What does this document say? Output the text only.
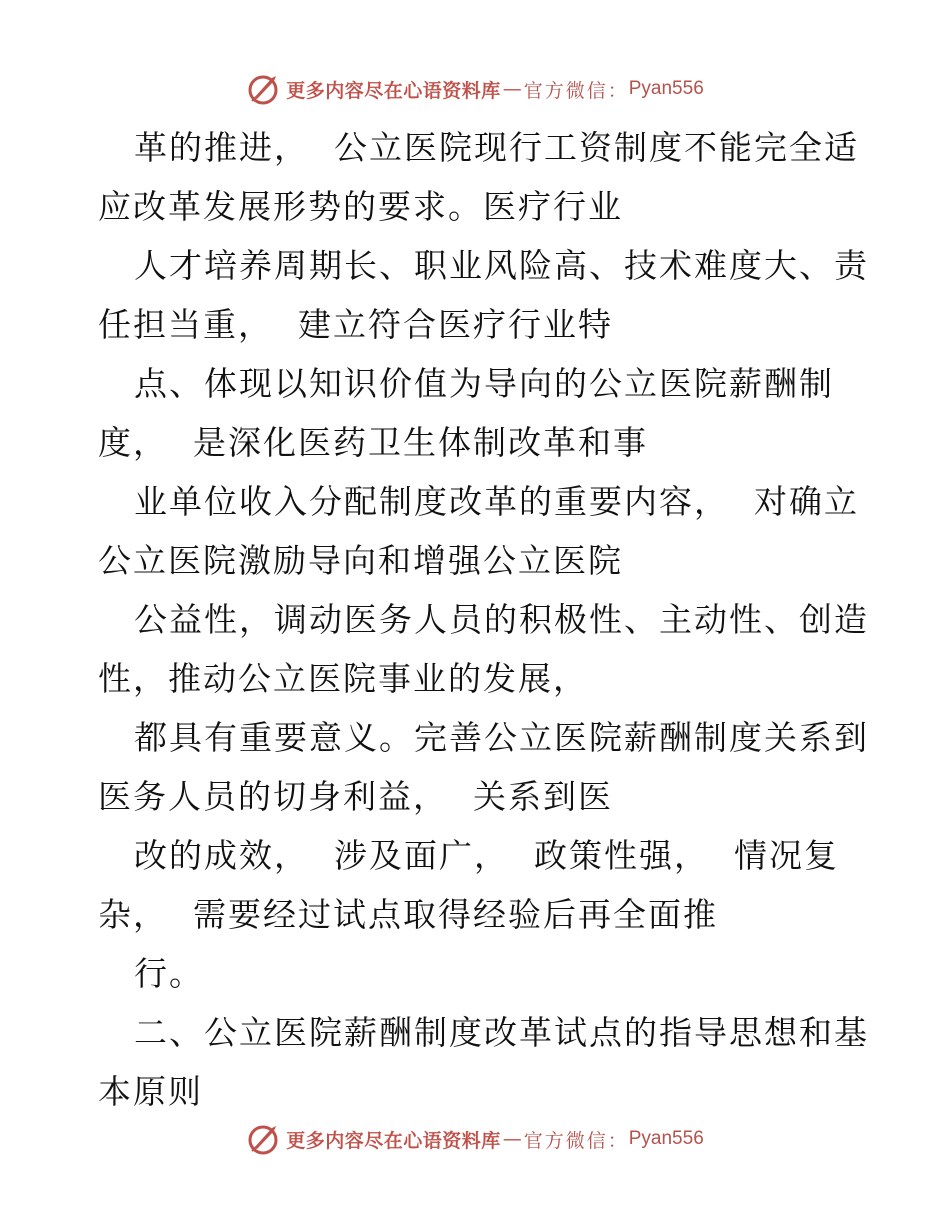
更多内容尽在心语资料库 — 官方微信： Pyan556
革的推进，  公立医院现行工资制度不能完全适
应改革发展形势的要求。医疗行业
人才培养周期长、职业风险高、技术难度大、责
任担当重，  建立符合医疗行业特
点、体现以知识价值为导向的公立医院薪酬制
度，  是深化医药卫生体制改革和事
业单位收入分配制度改革的重要内容，  对确立
公立医院激励导向和增强公立医院
公益性，调动医务人员的积极性、主动性、创造
性，推动公立医院事业的发展，
都具有重要意义。完善公立医院薪酬制度关系到
医务人员的切身利益，  关系到医
改的成效，  涉及面广，  政策性强，  情况复
杂，  需要经过试点取得经验后再全面推
行。
二、公立医院薪酬制度改革试点的指导思想和基
本原则
更多内容尽在心语资料库 — 官方微信： Pyan556
